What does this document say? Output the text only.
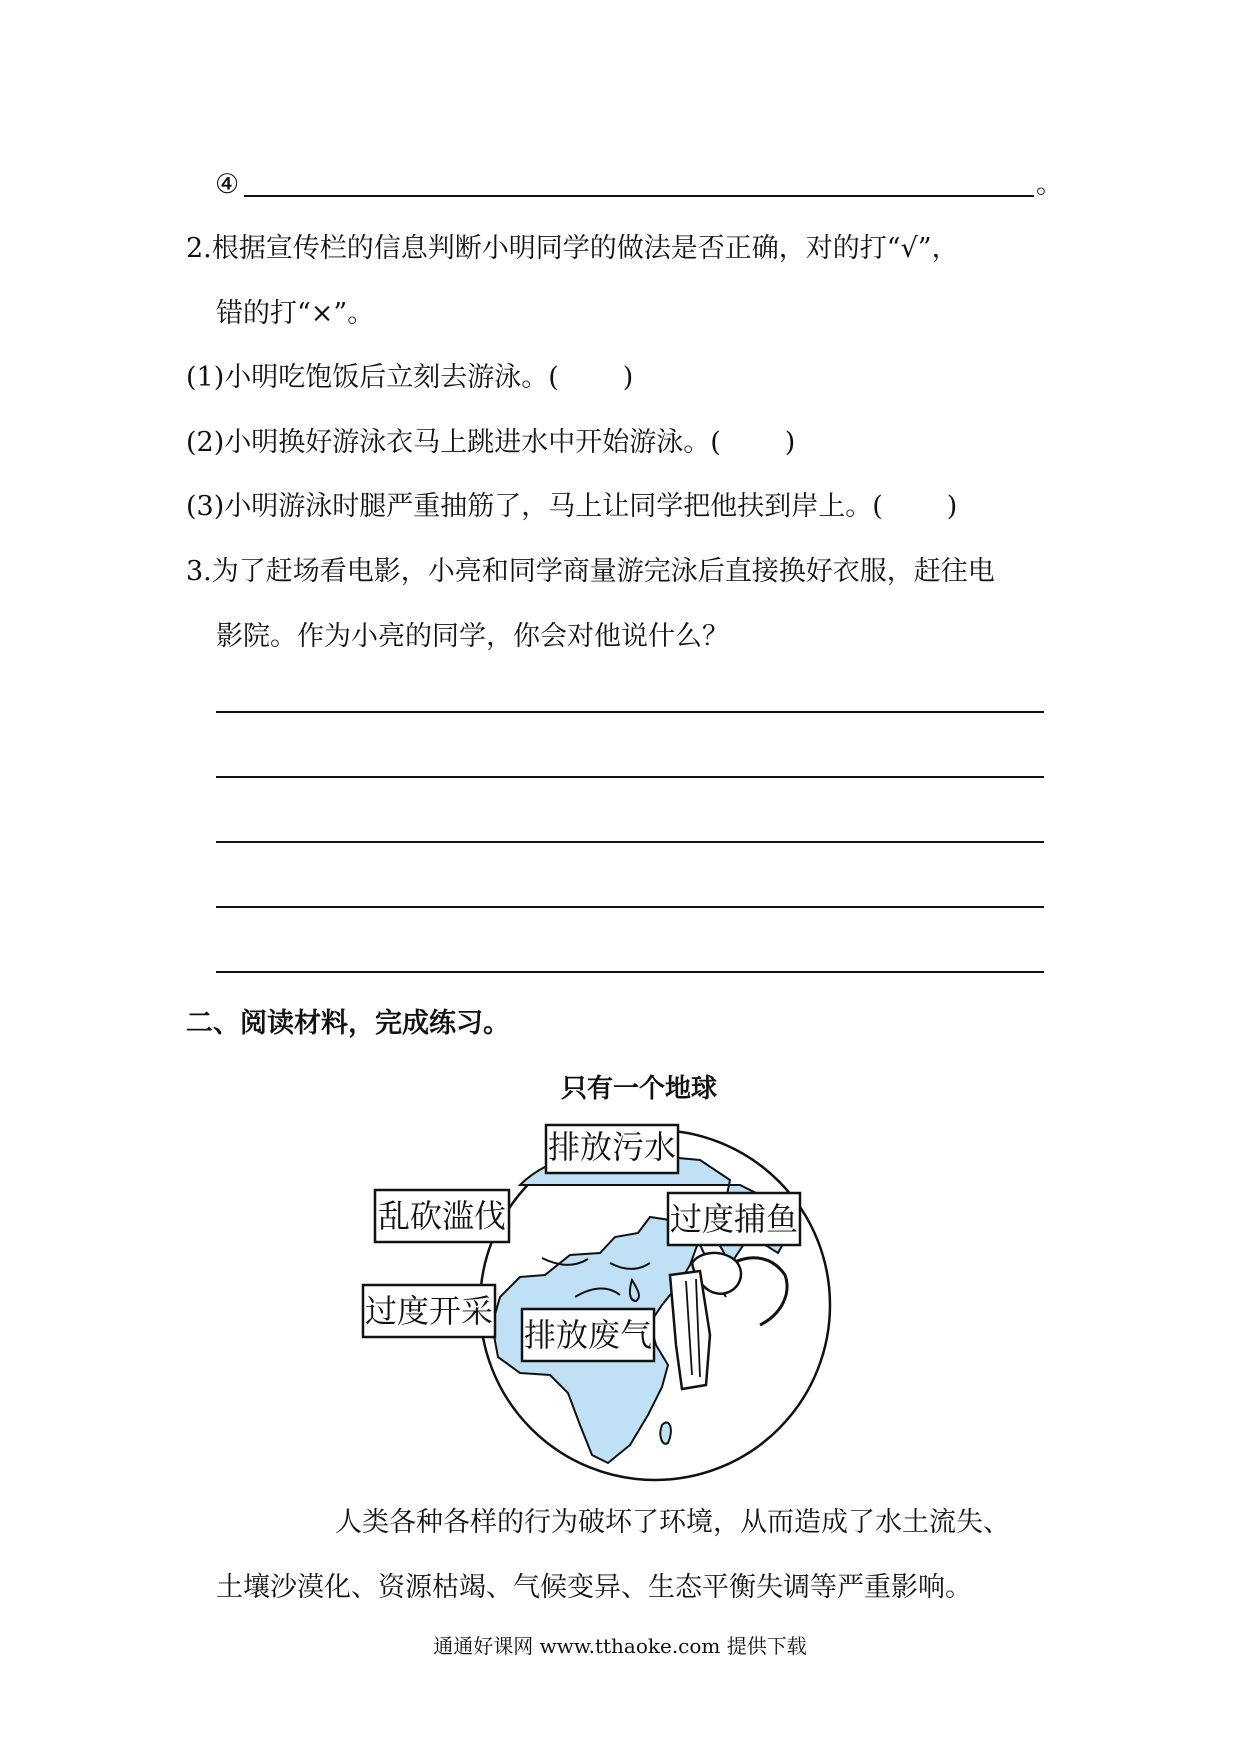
④	。
2.根据宣传栏的信息判断小明同学的做法是否正确，对的打“√”，
错的打“×”。
(1)小明吃饱饭后立刻去游泳。( )
(2)小明换好游泳衣马上跳进水中开始游泳。( )
(3)小明游泳时腿严重抽筋了，马上让同学把他扶到岸上。( )
3.为了赶场看电影，小亮和同学商量游完泳后直接换好衣服，赶往电
影院。作为小亮的同学，你会对他说什么？
二、阅读材料，完成练习。
只有一个地球
排放污水
乱砍滥伐	过度捕鱼
过度开采
排放废气
人类各种各样的行为破坏了环境，从而造成了水土流失、
土壤沙漠化、资源枯竭、气候变异、生态平衡失调等严重影响。
通通好课网 www.tthaoke.com 提供下载
